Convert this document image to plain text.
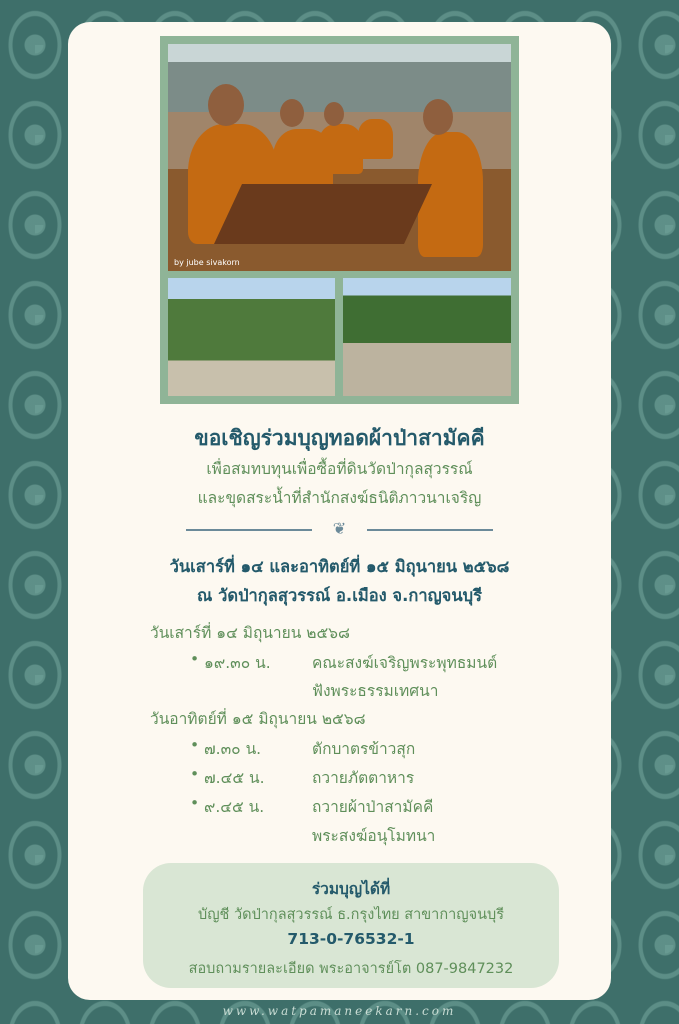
by jube sivakorn
ขอเชิญร่วมบุญทอดผ้าป่าสามัคคี
เพื่อสมทบทุนเพื่อซื้อที่ดินวัดป่ากุลสุวรรณ์
และขุดสระน้ำที่สำนักสงฆ์ธนิติภาวนาเจริญ
❦
วันเสาร์ที่ ๑๔ และอาทิตย์ที่ ๑๕ มิถุนายน ๒๕๖๘
ณ วัดป่ากุลสุวรรณ์ อ.เมือง จ.กาญจนบุรี
วันเสาร์ที่ ๑๔ มิถุนายน ๒๕๖๘
• ๑๙.๓๐ น.	คณะสงฆ์เจริญพระพุทธมนต์
ฟังพระธรรมเทศนา
วันอาทิตย์ที่ ๑๕ มิถุนายน ๒๕๖๘
• ๗.๓๐ น.	ตักบาตรข้าวสุก
• ๗.๔๕ น.	ถวายภัตตาหาร
• ๙.๔๕ น.	ถวายผ้าป่าสามัคคี
พระสงฆ์อนุโมทนา
ร่วมบุญได้ที่
บัญชี วัดป่ากุลสุวรรณ์ ธ.กรุงไทย สาขากาญจนบุรี
713-0-76532-1
สอบถามรายละเอียด พระอาจารย์โต 087-9847232
www.watpamaneekarn.com
